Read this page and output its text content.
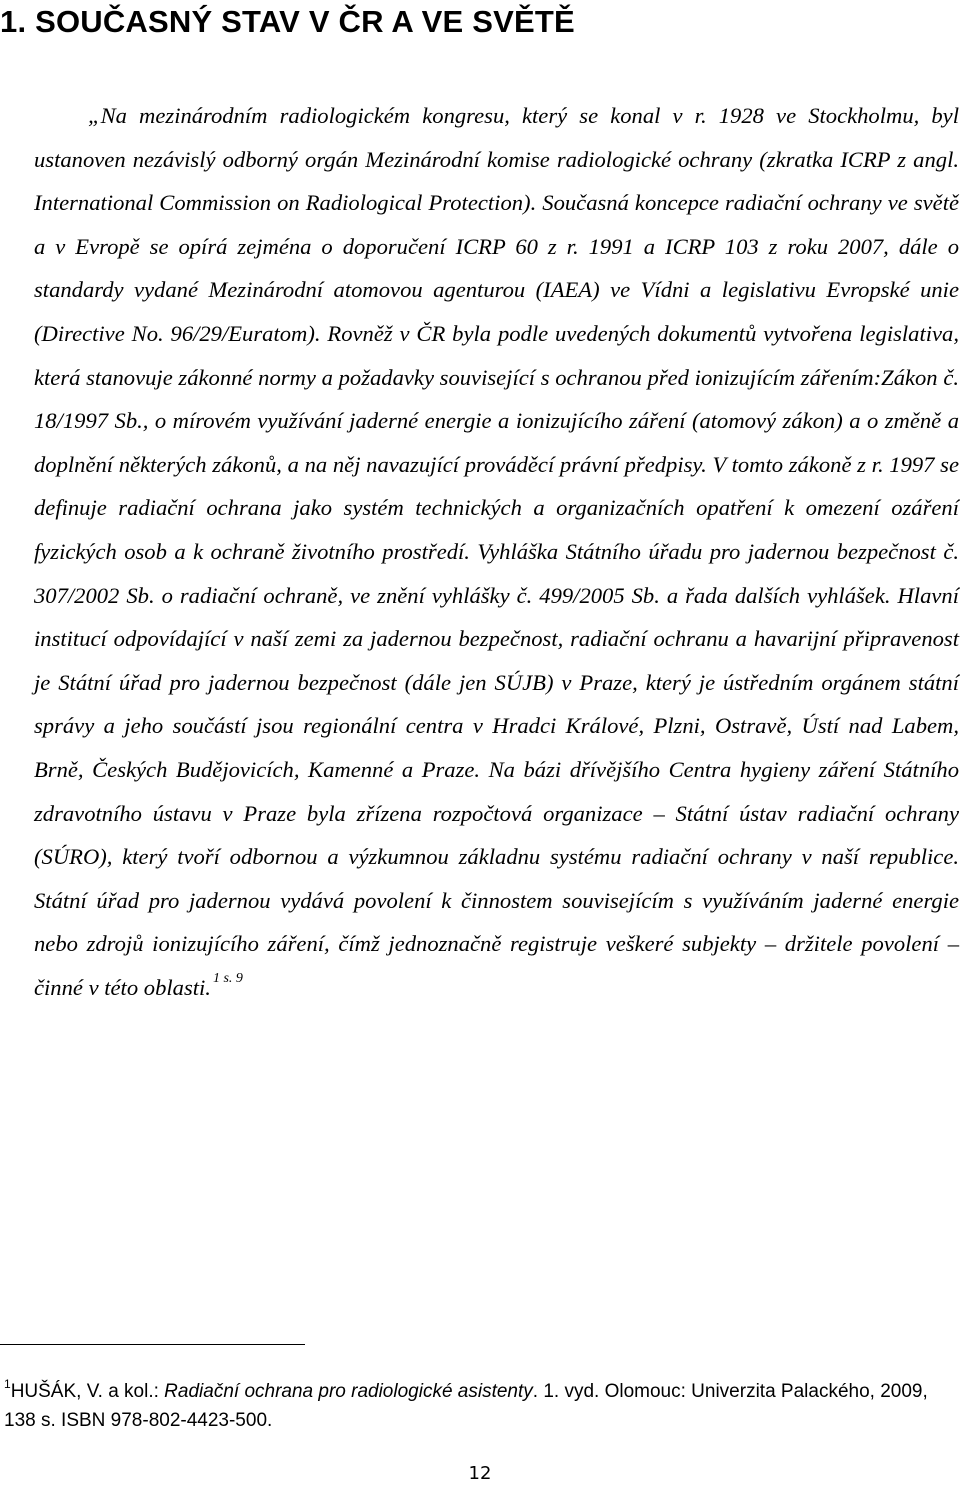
1. SOUČASNÝ STAV V ČR A VE SVĚTĚ
„Na mezinárodním radiologickém kongresu, který se konal v r. 1928 ve Stockholmu, byl ustanoven nezávislý odborný orgán Mezinárodní komise radiologické ochrany (zkratka ICRP z angl. International Commission on Radiological Protection). Současná koncepce radiační ochrany ve světě a v Evropě se opírá zejména o doporučení ICRP 60 z r. 1991 a ICRP 103 z roku 2007, dále o standardy vydané Mezinárodní atomovou agenturou (IAEA) ve Vídni a legislativu Evropské unie (Directive No. 96/29/Euratom). Rovněž v ČR byla podle uvedených dokumentů vytvořena legislativa, která stanovuje zákonné normy a požadavky související s ochranou před ionizujícím zářením:Zákon č. 18/1997 Sb., o mírovém využívání jaderné energie a ionizujícího záření (atomový zákon) a o změně a doplnění některých zákonů, a na něj navazující prováděcí právní předpisy. V tomto zákoně z r. 1997 se definuje radiační ochrana jako systém technických a organizačních opatření k omezení ozáření fyzických osob a k ochraně životního prostředí. Vyhláška Státního úřadu pro jadernou bezpečnost č. 307/2002 Sb. o radiační ochraně, ve znění vyhlášky č. 499/2005 Sb. a řada dalších vyhlášek. Hlavní institucí odpovídající v naší zemi za jadernou bezpečnost, radiační ochranu a havarijní připravenost je Státní úřad pro jadernou bezpečnost (dále jen SÚJB) v Praze, který je ústředním orgánem státní správy a jeho součástí jsou regionální centra v Hradci Králové, Plzni, Ostravě, Ústí nad Labem, Brně, Českých Budějovicích, Kamenné a Praze. Na bázi dřívějšího Centra hygieny záření Státního zdravotního ústavu v Praze byla zřízena rozpočtová organizace – Státní ústav radiační ochrany (SÚRO), který tvoří odbornou a výzkumnou základnu systému radiační ochrany v naší republice. Státní úřad pro jadernou vydává povolení k činnostem souvisejícím s využíváním jaderné energie nebo zdrojů ionizujícího záření, čímž jednoznačně registruje veškeré subjekty – držitele povolení – činné v této oblasti. $^{1 s. 9}$
$^1$HUŠÁK, V. a kol.: Radiační ochrana pro radiologické asistenty. 1. vyd. Olomouc: Univerzita Palackého, 2009, 138 s. ISBN 978-802-4423-500.
12
